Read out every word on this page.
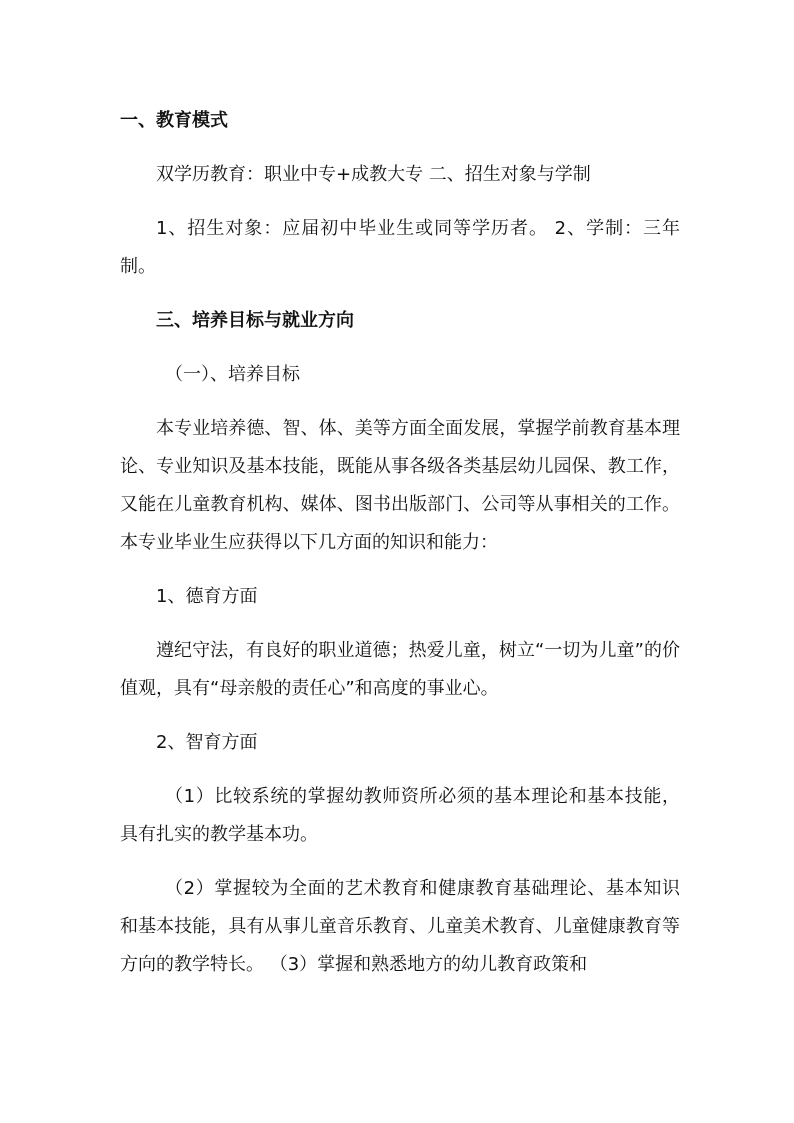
一、教育模式

双学历教育：职业中专+成教大专 二、招生对象与学制

1、招生对象：应届初中毕业生或同等学历者。 2、学制：三年制。

三、培养目标与就业方向

（一）、培养目标

本专业培养德、智、体、美等方面全面发展，掌握学前教育基本理论、专业知识及基本技能，既能从事各级各类基层幼儿园保、教工作，又能在儿童教育机构、媒体、图书出版部门、公司等从事相关的工作。本专业毕业生应获得以下几方面的知识和能力：

1、德育方面

遵纪守法，有良好的职业道德；热爱儿童，树立“一切为儿童”的价值观，具有“母亲般的责任心”和高度的事业心。

2、智育方面

（1）比较系统的掌握幼教师资所必须的基本理论和基本技能，具有扎实的教学基本功。

（2）掌握较为全面的艺术教育和健康教育基础理论、基本知识和基本技能，具有从事儿童音乐教育、儿童美术教育、儿童健康教育等方向的教学特长。 （3）掌握和熟悉地方的幼儿教育政策和
